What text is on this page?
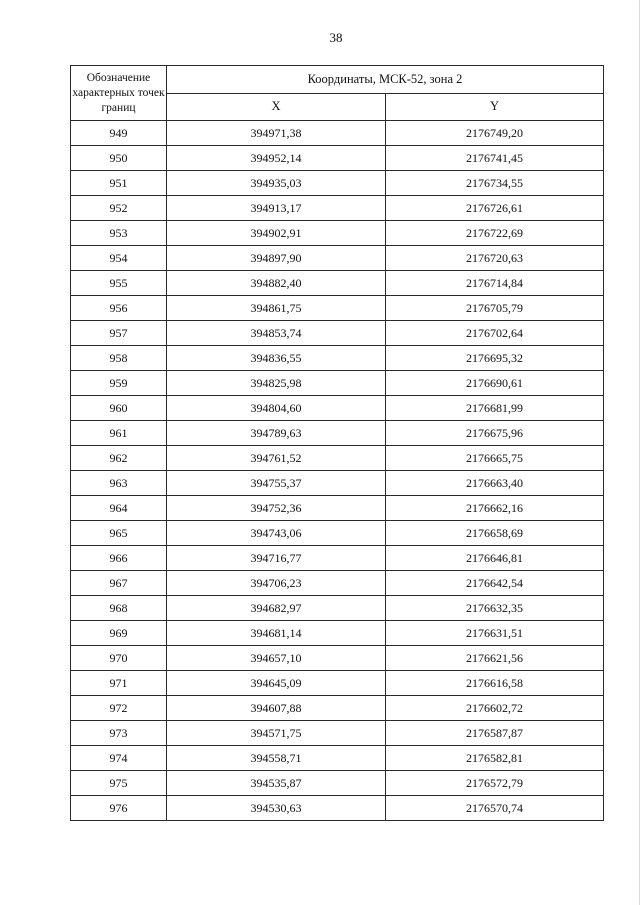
38
Обозначение характерных точек границ	Координаты, МСК-52, зона 2	
	X	Y
949	394971,38	2176749,20
950	394952,14	2176741,45
951	394935,03	2176734,55
952	394913,17	2176726,61
953	394902,91	2176722,69
954	394897,90	2176720,63
955	394882,40	2176714,84
956	394861,75	2176705,79
957	394853,74	2176702,64
958	394836,55	2176695,32
959	394825,98	2176690,61
960	394804,60	2176681,99
961	394789,63	2176675,96
962	394761,52	2176665,75
963	394755,37	2176663,40
964	394752,36	2176662,16
965	394743,06	2176658,69
966	394716,77	2176646,81
967	394706,23	2176642,54
968	394682,97	2176632,35
969	394681,14	2176631,51
970	394657,10	2176621,56
971	394645,09	2176616,58
972	394607,88	2176602,72
973	394571,75	2176587,87
974	394558,71	2176582,81
975	394535,87	2176572,79
976	394530,63	2176570,74
